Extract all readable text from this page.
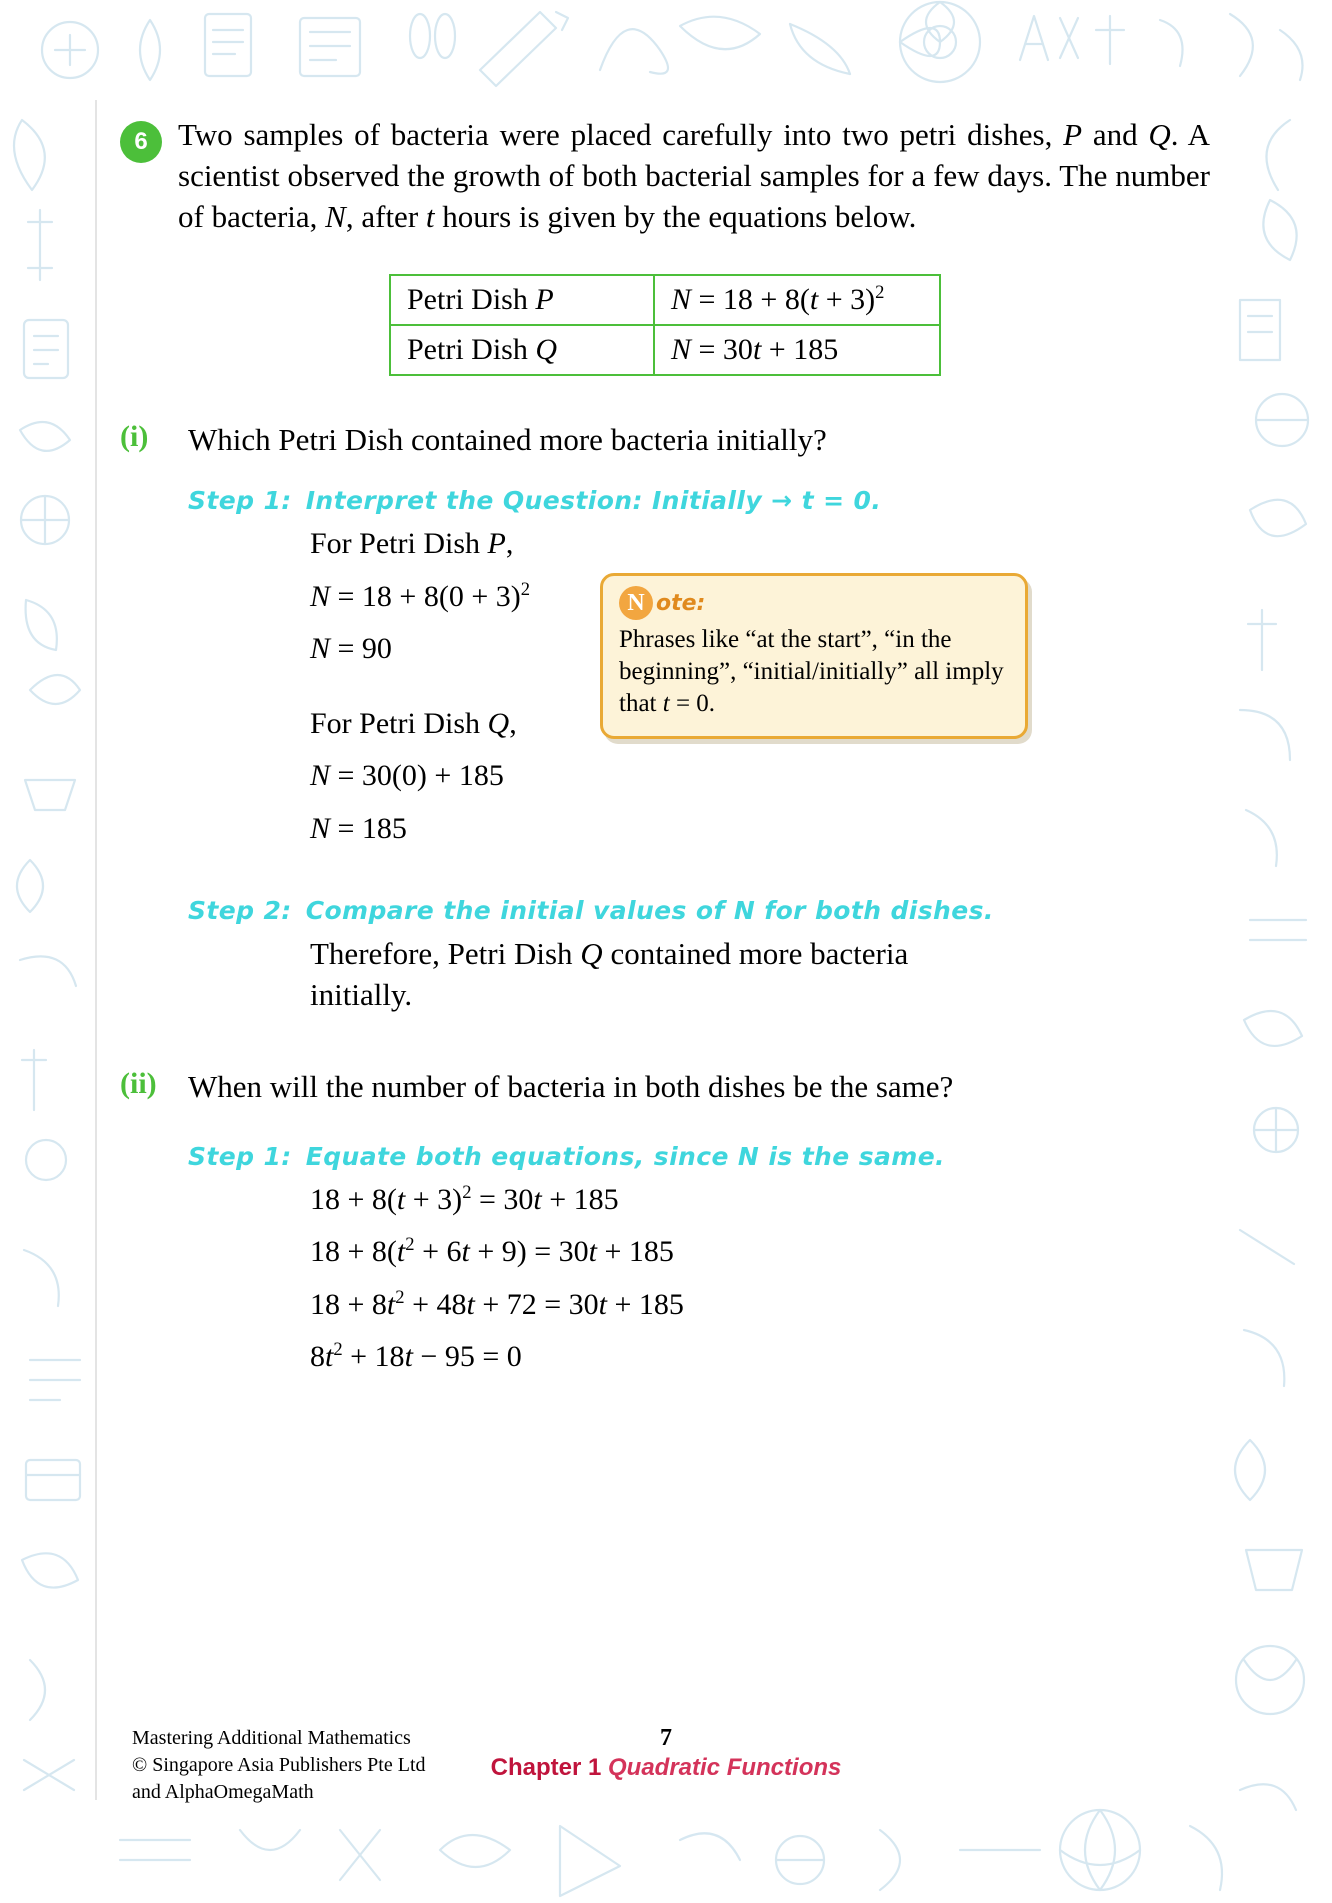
6 Two samples of bacteria were placed carefully into two petri dishes, P and Q. A scientist observed the growth of both bacterial samples for a few days. The number of bacteria, N, after t hours is given by the equations below.
Petri Dish P	$N = 18 + 8(t + 3)^2$
Petri Dish Q	N = 30t + 185
(i)	Which Petri Dish contained more bacteria initially?
Step 1: Interpret the Question: Initially → t = 0.
For Petri Dish P,
$N = 18 + 8(0 + 3)^2$
N = 90
For Petri Dish Q,
N = 30(0) + 185
N = 185
Step 2: Compare the initial values of N for both dishes.
Therefore, Petri Dish Q contained more bacteria initially.
(ii)	When will the number of bacteria in both dishes be the same?
Step 1: Equate both equations, since N is the same.
$18 + 8(t + 3)^2 = 30t + 185$
$18 + 8(t^2 + 6t + 9) = 30t + 185$
$18 + 8t^2 + 48t + 72 = 30t + 185$
$8t^2 + 18t - 95 = 0$
N ote:
Phrases like “at the start”, “in the beginning”, “initial/initially” all imply that t = 0.
Mastering Additional Mathematics
© Singapore Asia Publishers Pte Ltd
and AlphaOmegaMath
7
Chapter 1 Quadratic Functions
